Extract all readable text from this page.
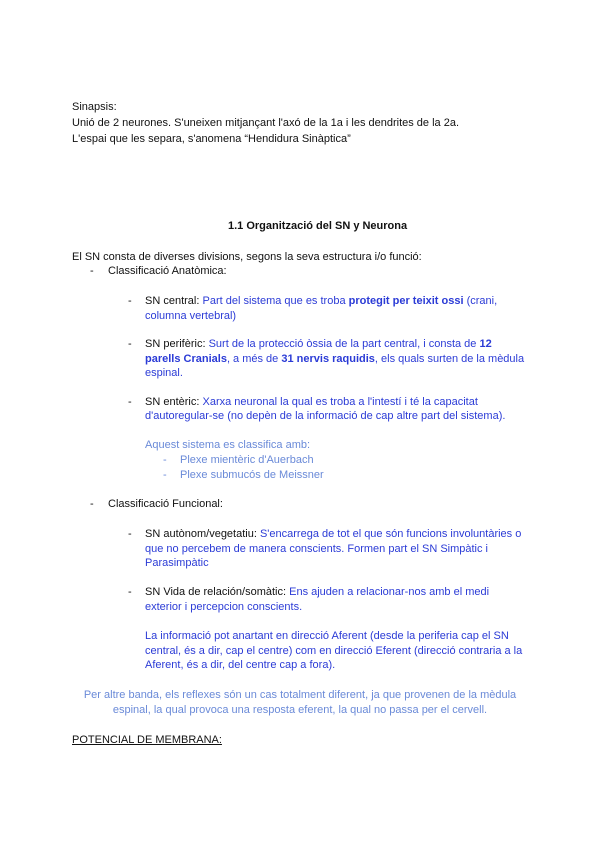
Sinapsis:
Unió de 2 neurones. S'uneixen mitjançant l'axó de la 1a i les dendrites de la 2a.
L'espai que les separa, s'anomena “Hendidura Sinàptica”
1.1 Organització del SN y Neurona
El SN consta de diverses divisions, segons la seva estructura i/o funció:
- Classificació Anatòmica:
- SN central: Part del sistema que es troba protegit per teixit ossi (crani,
columna vertebral)
- SN perifèric: Surt de la protecció òssia de la part central, i consta de 12
parells Cranials, a més de 31 nervis raquidis, els quals surten de la mèdula
espinal.
- SN entèric: Xarxa neuronal la qual es troba a l'intestí i té la capacitat
d'autoregular-se (no depèn de la informació de cap altre part del sistema).
Aquest sistema es classifica amb:
- Plexe mientèric d'Auerbach
- Plexe submucós de Meissner
- Classificació Funcional:
- SN autònom/vegetatiu: S'encarrega de tot el que són funcions involuntàries o
que no percebem de manera conscients. Formen part el SN Simpàtic i
Parasimpàtic
- SN Vida de relación/somàtic: Ens ajuden a relacionar-nos amb el medi
exterior i percepcion conscients.
La informació pot anartant en direcció Aferent (desde la periferia cap el SN
central, és a dir, cap el centre) com en direcció Eferent (direcció contraria a la
Aferent, és a dir, del centre cap a fora).
Per altre banda, els reflexes són un cas totalment diferent, ja que provenen de la mèdula
espinal, la qual provoca una resposta eferent, la qual no passa per el cervell.
POTENCIAL DE MEMBRANA:
